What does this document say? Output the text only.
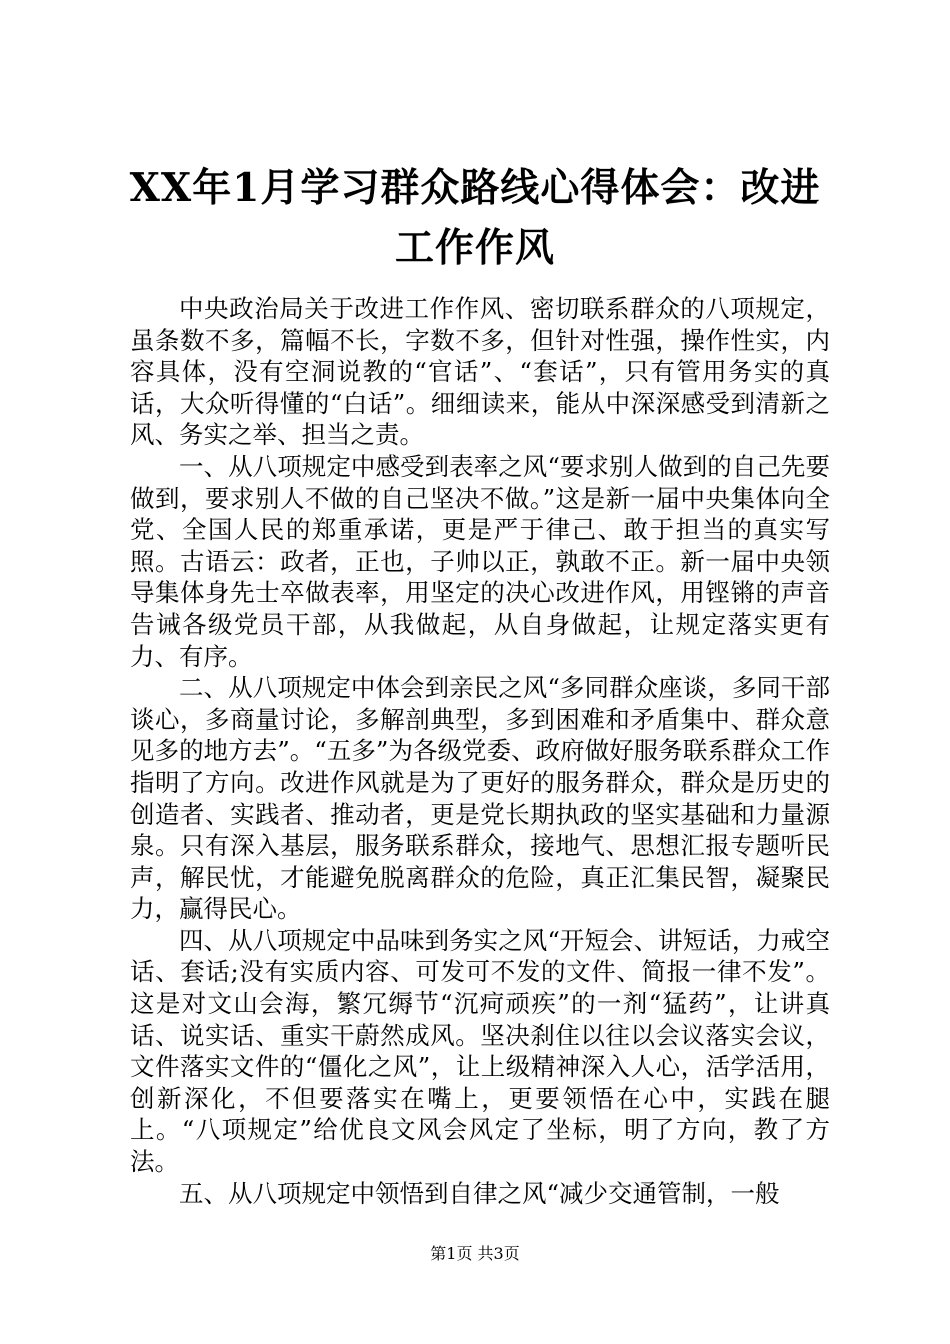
XX年1月学习群众路线心得体会：改进工作作风

中央政治局关于改进工作作风、密切联系群众的八项规定，虽条数不多，篇幅不长，字数不多，但针对性强，操作性实，内容具体，没有空洞说教的“官话”、“套话”，只有管用务实的真话，大众听得懂的“白话”。细细读来，能从中深深感受到清新之风、务实之举、担当之责。

一、从八项规定中感受到表率之风“要求别人做到的自己先要做到，要求别人不做的自己坚决不做。”这是新一届中央集体向全党、全国人民的郑重承诺，更是严于律己、敢于担当的真实写照。古语云：政者，正也，子帅以正，孰敢不正。新一届中央领导集体身先士卒做表率，用坚定的决心改进作风，用铿锵的声音告诫各级党员干部，从我做起，从自身做起，让规定落实更有力、有序。

二、从八项规定中体会到亲民之风“多同群众座谈，多同干部谈心，多商量讨论，多解剖典型，多到困难和矛盾集中、群众意见多的地方去”。“五多”为各级党委、政府做好服务联系群众工作指明了方向。改进作风就是为了更好的服务群众，群众是历史的创造者、实践者、推动者，更是党长期执政的坚实基础和力量源泉。只有深入基层，服务联系群众，接地气、思想汇报专题听民声，解民忧，才能避免脱离群众的危险，真正汇集民智，凝聚民力，赢得民心。

四、从八项规定中品味到务实之风“开短会、讲短话，力戒空话、套话;没有实质内容、可发可不发的文件、简报一律不发”。这是对文山会海，繁冗缛节“沉疴顽疾”的一剂“猛药”，让讲真话、说实话、重实干蔚然成风。坚决刹住以往以会议落实会议，文件落实文件的“僵化之风”，让上级精神深入人心，活学活用，创新深化，不但要落实在嘴上，更要领悟在心中，实践在腿上。“八项规定”给优良文风会风定了坐标，明了方向，教了方法。

五、从八项规定中领悟到自律之风“减少交通管制，一般

第1页 共3页
